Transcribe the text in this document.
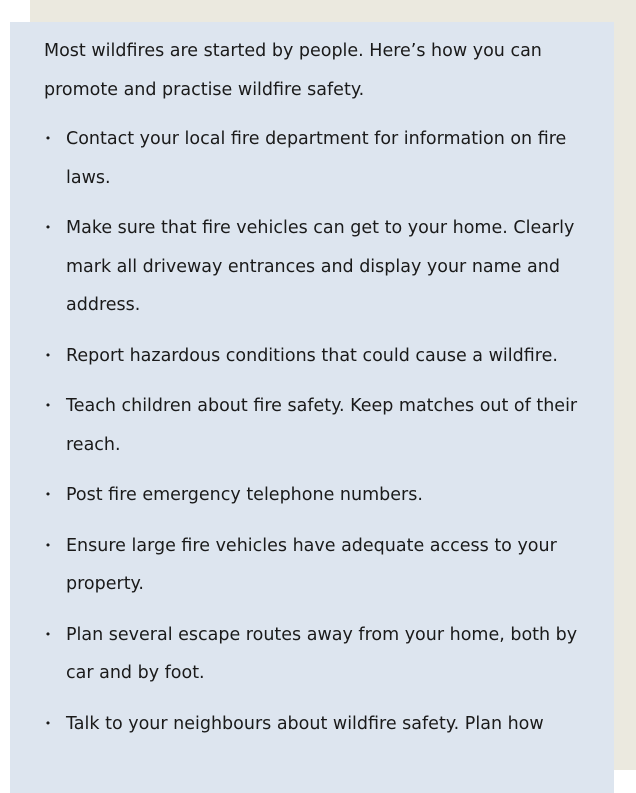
Most wildfires are started by people. Here’s how you can promote and practise wildfire safety.

• Contact your local fire department for information on fire laws.
• Make sure that fire vehicles can get to your home. Clearly mark all driveway entrances and display your name and address.
• Report hazardous conditions that could cause a wildfire.
• Teach children about fire safety. Keep matches out of their reach.
• Post fire emergency telephone numbers.
• Ensure large fire vehicles have adequate access to your property.
• Plan several escape routes away from your home, both by car and by foot.
• Talk to your neighbours about wildfire safety. Plan how
